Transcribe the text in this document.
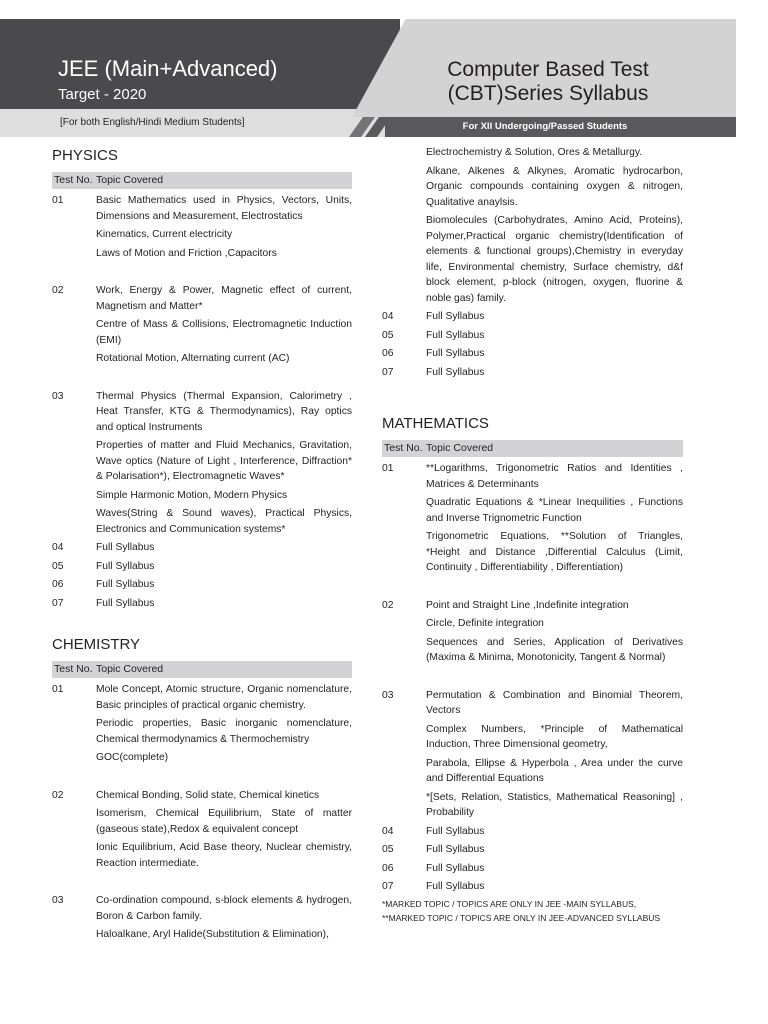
JEE (Main+Advanced)
Target - 2020
[For both English/Hindi Medium Students]
Computer Based Test
(CBT)Series Syllabus
For XII Undergoing/Passed Students
PHYSICS
Test No. Topic Covered
01	Basic Mathematics used in Physics, Vectors, Units, Dimensions and Measurement, Electrostatics

Kinematics, Current electricity

Laws of Motion and Friction ,Capacitors

02	Work, Energy & Power, Magnetic effect of current, Magnetism and Matter*

Centre of Mass & Collisions, Electromagnetic Induction (EMI)

Rotational Motion, Alternating current (AC)

03	Thermal Physics (Thermal Expansion, Calorimetry , Heat Transfer, KTG & Thermodynamics), Ray optics and optical Instruments

Properties of matter and Fluid Mechanics, Gravitation, Wave optics (Nature of Light , Interference, Diffraction* & Polarisation*), Electromagnetic Waves*

Simple Harmonic Motion, Modern Physics

Waves(String & Sound waves), Practical Physics, Electronics and Communication systems*

04	Full Syllabus

05	Full Syllabus

06	Full Syllabus

07	Full Syllabus

CHEMISTRY
Test No. Topic Covered
01	Mole Concept, Atomic structure, Organic nomenclature, Basic principles of practical organic chemistry.

Periodic properties, Basic inorganic nomenclature, Chemical thermodynamics & Thermochemistry

GOC(complete)

02	Chemical Bonding, Solid state, Chemical kinetics

Isomerism, Chemical Equilibrium, State of matter (gaseous state),Redox & equivalent concept

Ionic Equilibrium, Acid Base theory, Nuclear chemistry, Reaction intermediate.

03	Co-ordination compound, s-block elements & hydrogen, Boron & Carbon family.

Haloalkane, Aryl Halide(Substitution & Elimination),

Electrochemistry & Solution, Ores & Metallurgy.

Alkane, Alkenes & Alkynes, Aromatic hydrocarbon, Organic compounds containing oxygen & nitrogen, Qualitative anaylsis.

Biomolecules (Carbohydrates, Amino Acid, Proteins), Polymer,Practical organic chemistry(Identification of elements & functional groups),Chemistry in everyday life, Environmental chemistry, Surface chemistry, d&f block element, p-block (nitrogen, oxygen, fluorine & noble gas) family.

04	Full Syllabus

05	Full Syllabus

06	Full Syllabus

07	Full Syllabus

MATHEMATICS
Test No. Topic Covered
01	**Logarithms, Trigonometric Ratios and Identities , Matrices & Determinants

Quadratic Equations & *Linear Inequilities , Functions and Inverse Trignometric Function

Trigonometric Equations, **Solution of Triangles, *Height and Distance ,Differential Calculus (Limit, Continuity , Differentiability , Differentiation)

02	Point and Straight Line ,Indefinite integration

Circle, Definite integration

Sequences and Series, Application of Derivatives (Maxima & Minima, Monotonicity, Tangent & Normal)

03	Permutation & Combination and Binomial Theorem, Vectors

Complex Numbers, *Principle of Mathematical Induction, Three Dimensional geometry,

Parabola, Ellipse & Hyperbola , Area under the curve and Differential Equations

*[Sets, Relation, Statistics, Mathematical Reasoning] , Probability

04	Full Syllabus

05	Full Syllabus

06	Full Syllabus

07	Full Syllabus

*MARKED TOPIC / TOPICS ARE ONLY IN JEE -MAIN SYLLABUS,
**MARKED TOPIC / TOPICS ARE ONLY IN JEE-ADVANCED SYLLABUS
